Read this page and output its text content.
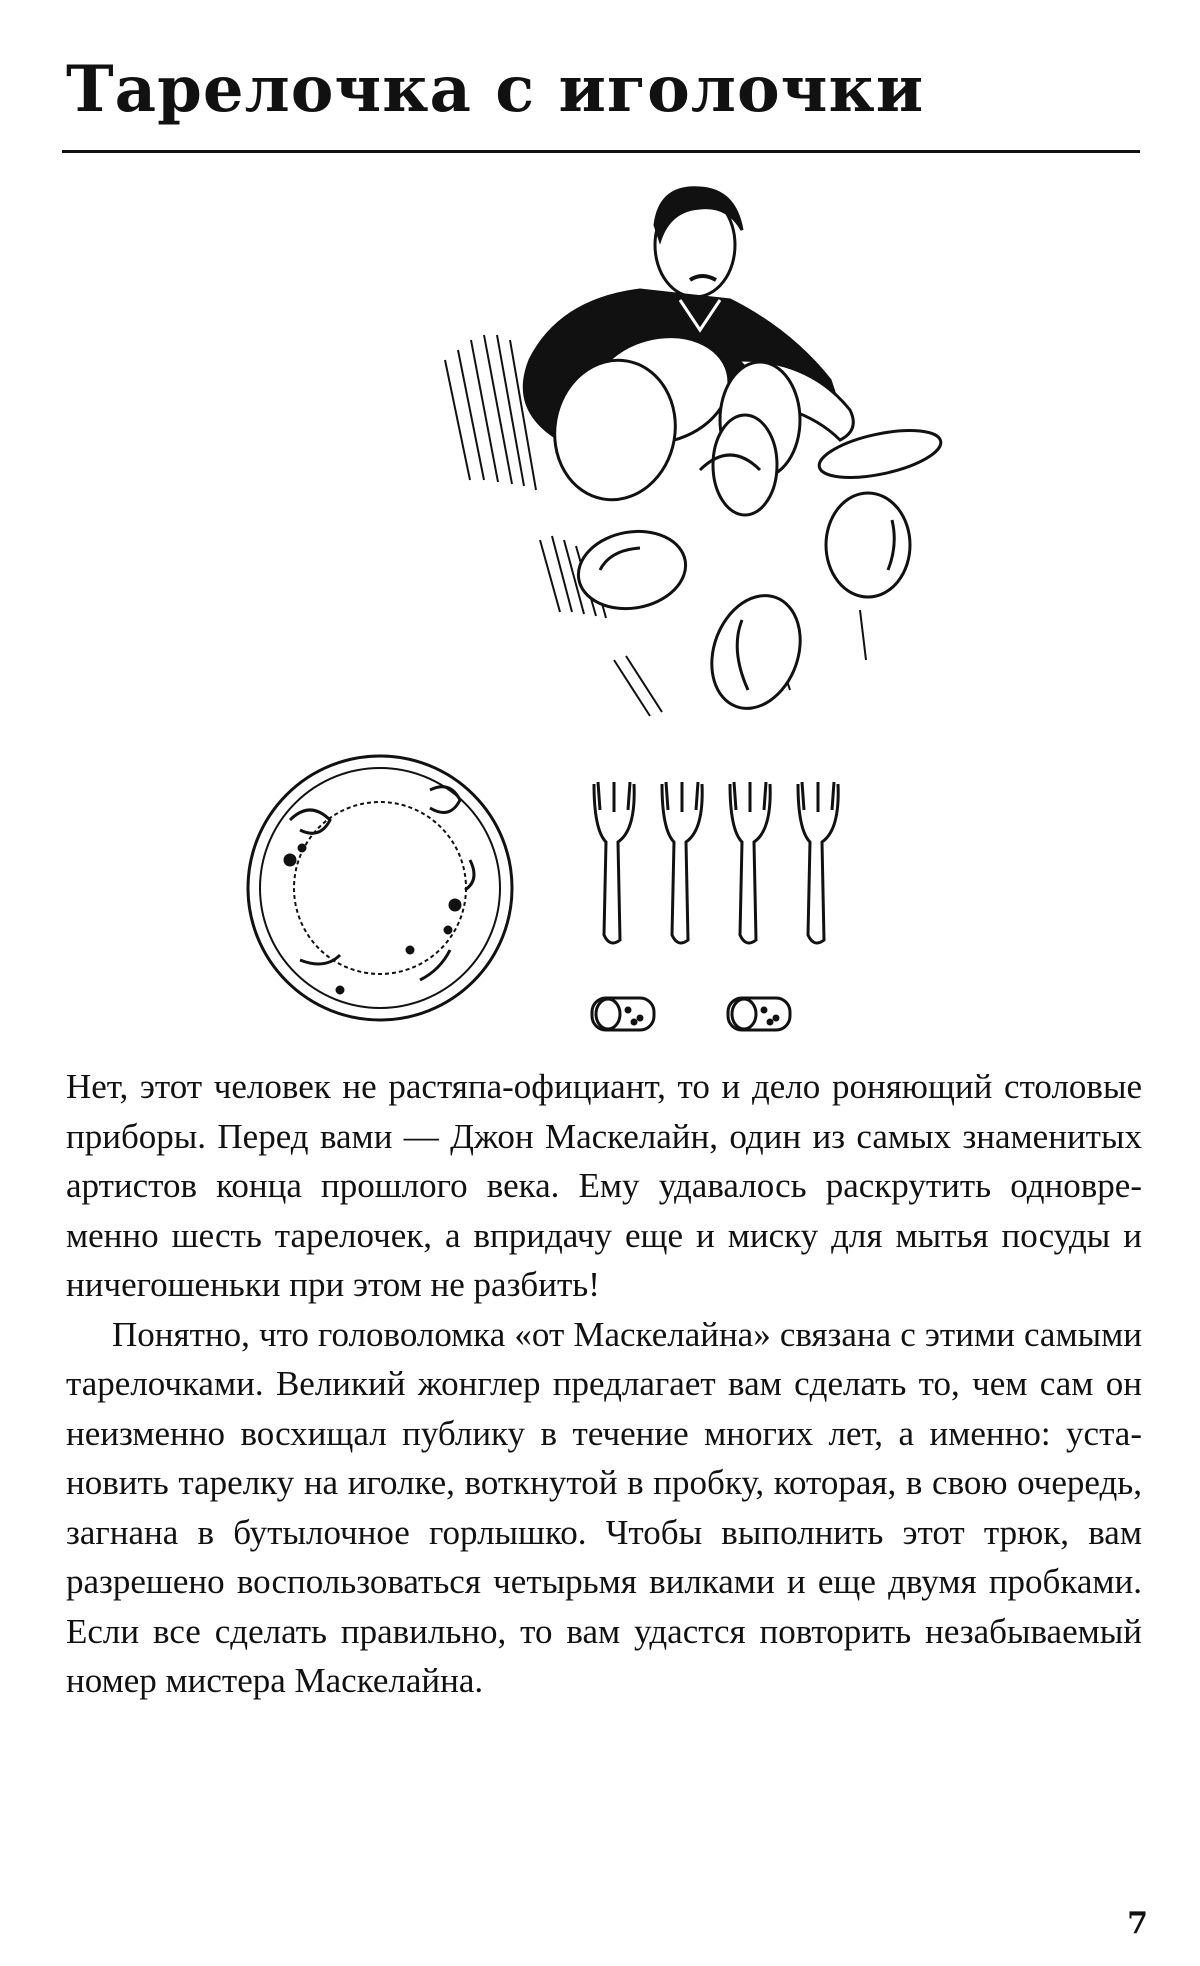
Тарелочка с иголочки

Нет, этот человек не растяпа-официант, то и дело роняющий столовые приборы. Перед вами — Джон Маскелайн, один из самых знаменитых артистов конца прошлого века. Ему удавалось раскрутить одновременно шесть тарелочек, а впридачу еще и миску для мытья посуды и ничегошеньки при этом не разбить!

Понятно, что головоломка «от Маскелайна» связана с этими самыми тарелочками. Великий жонглер предлагает вам сделать то, чем сам он неизменно восхищал публику в течение многих лет, а именно: установить тарелку на иголке, воткнутой в пробку, которая, в свою очередь, загнана в бутылочное горлышко. Чтобы выполнить этот трюк, вам разрешено воспользоваться четырьмя вилками и еще двумя пробками. Если все сделать правильно, то вам удастся повторить незабываемый номер мистера Маскелайна.

7
